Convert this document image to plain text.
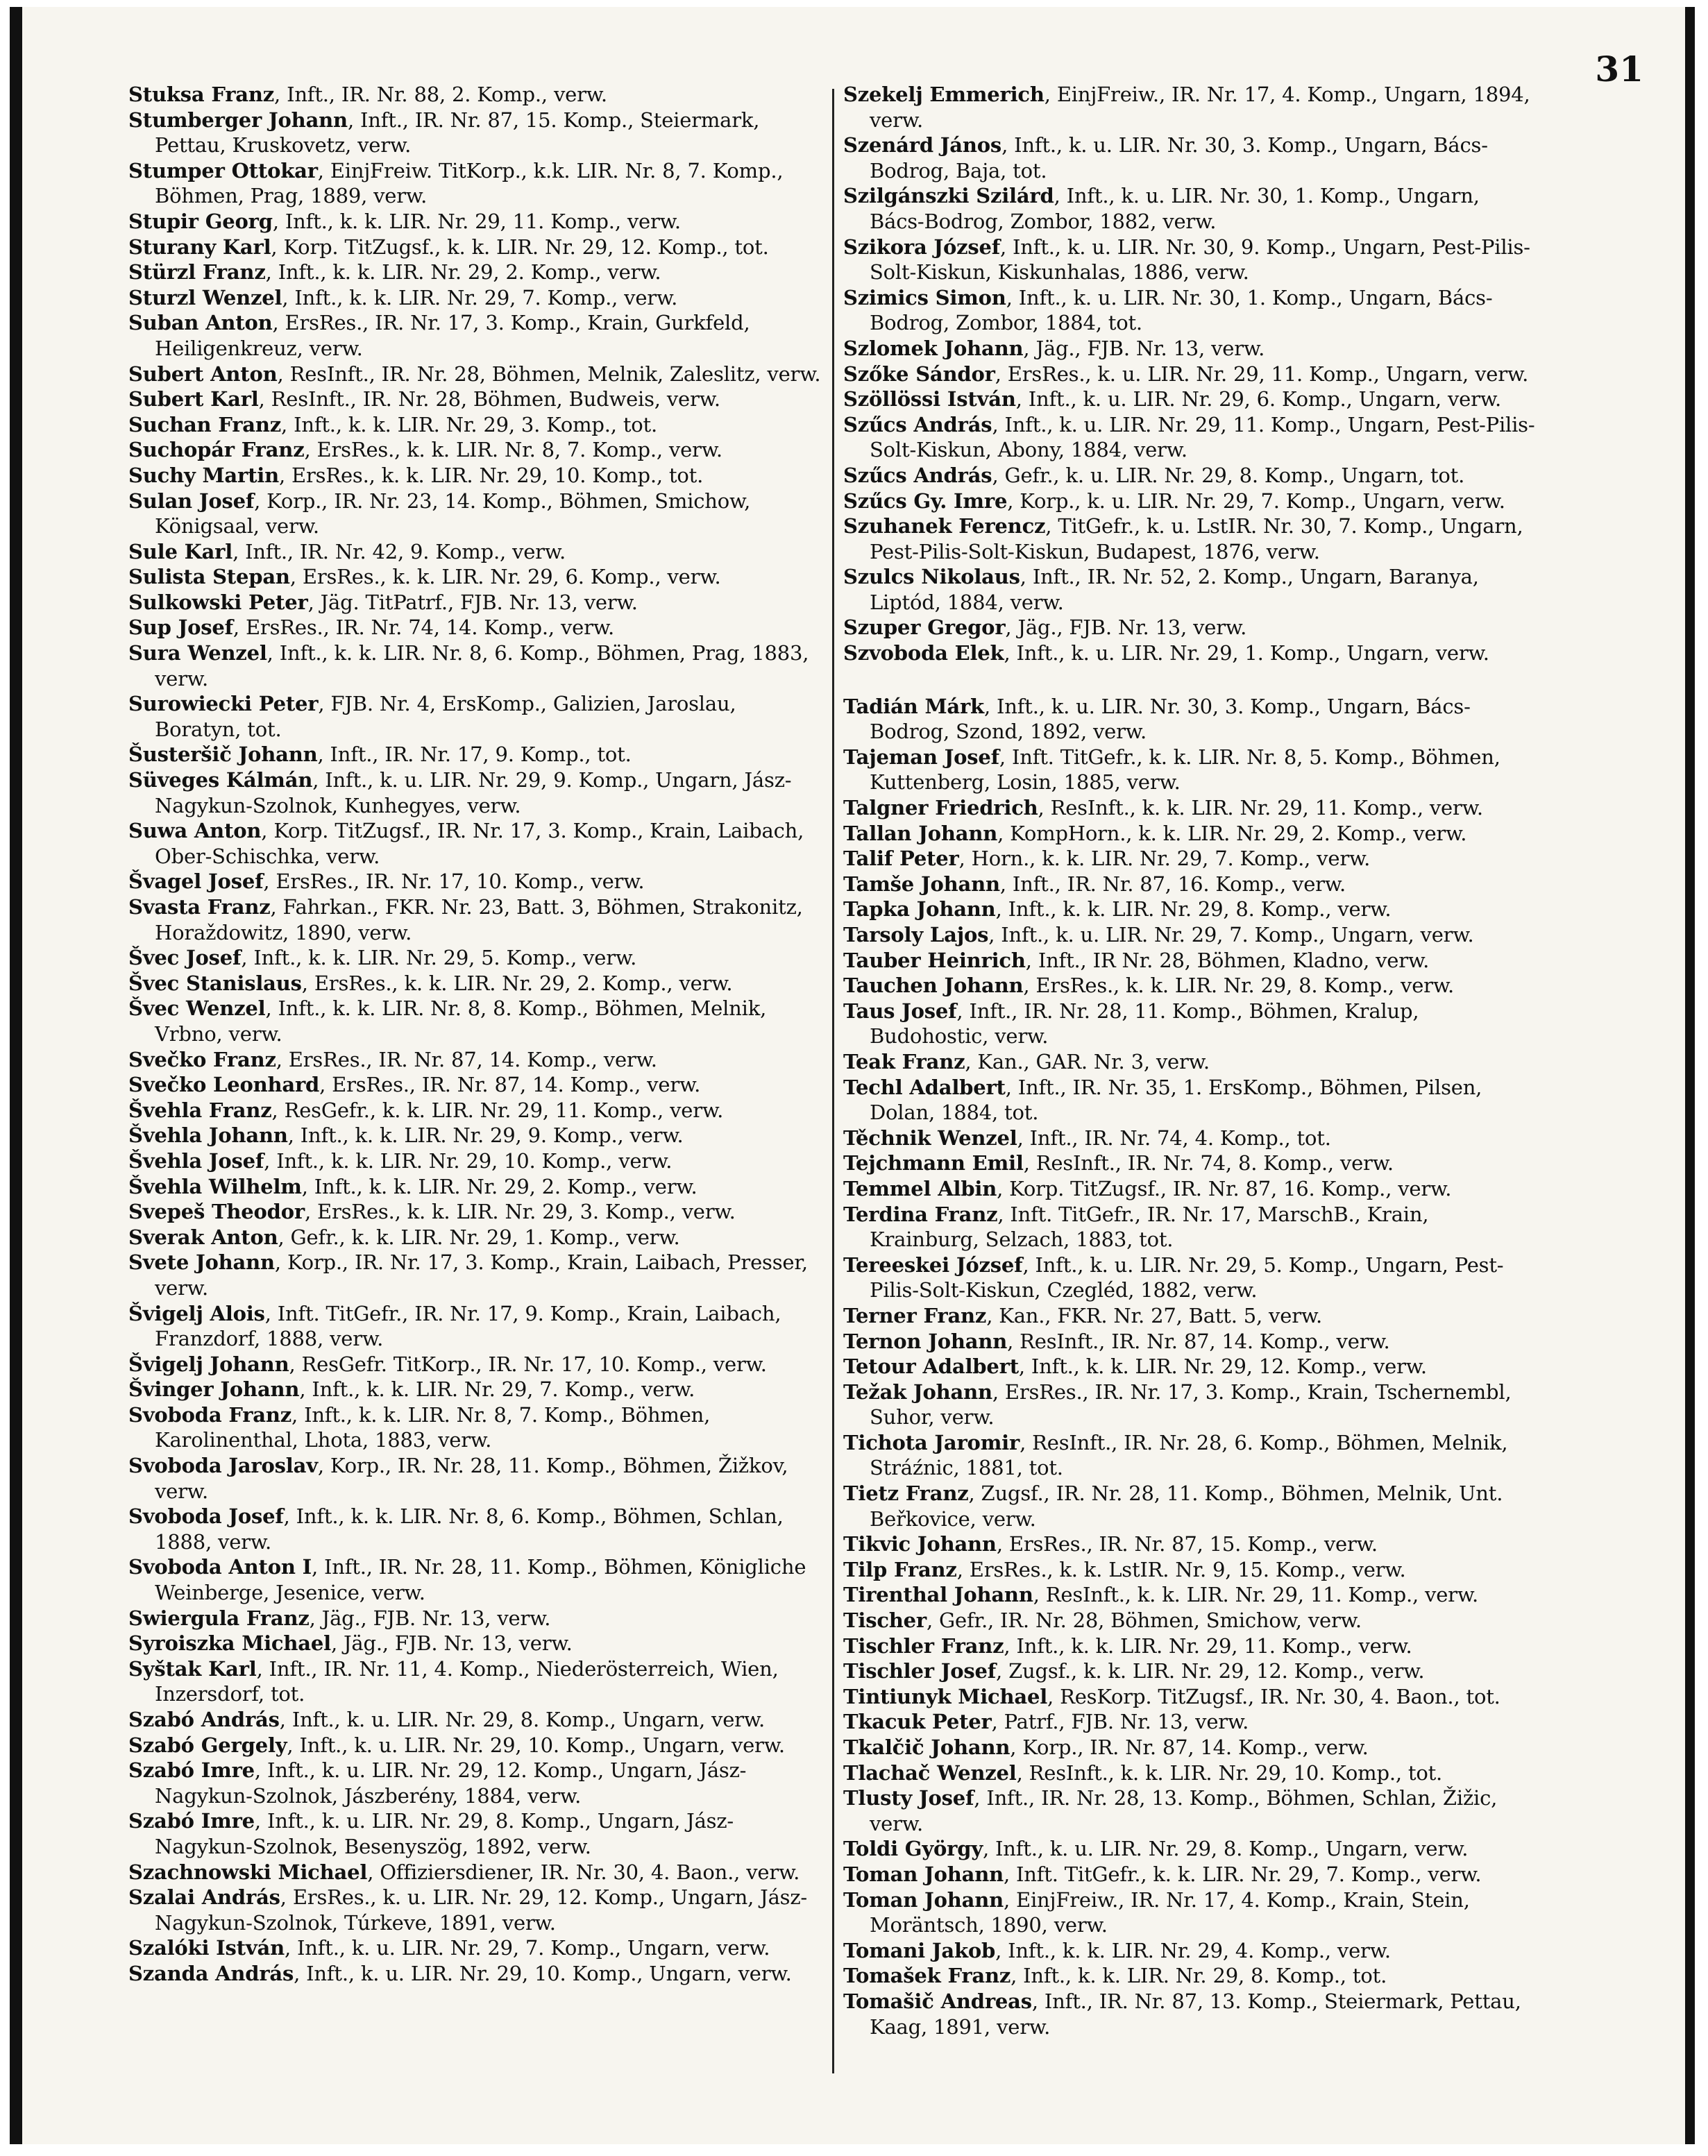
31

Stuksa Franz, Inft., IR. Nr. 88, 2. Komp., verw.

Stumberger Johann, Inft., IR. Nr. 87, 15. Komp., Steiermark, Pettau, Kruskovetz, verw.

Stumper Ottokar, EinjFreiw. TitKorp., k.k. LIR. Nr. 8, 7. Komp., Böhmen, Prag, 1889, verw.

Stupir Georg, Inft., k. k. LIR. Nr. 29, 11. Komp., verw.

Sturany Karl, Korp. TitZugsf., k. k. LIR. Nr. 29, 12. Komp., tot.

Stürzl Franz, Inft., k. k. LIR. Nr. 29, 2. Komp., verw.

Sturzl Wenzel, Inft., k. k. LIR. Nr. 29, 7. Komp., verw.

Suban Anton, ErsRes., IR. Nr. 17, 3. Komp., Krain, Gurkfeld, Heiligenkreuz, verw.

Subert Anton, ResInft., IR. Nr. 28, Böhmen, Melnik, Zaleslitz, verw.

Subert Karl, ResInft., IR. Nr. 28, Böhmen, Budweis, verw.

Suchan Franz, Inft., k. k. LIR. Nr. 29, 3. Komp., tot.

Suchopár Franz, ErsRes., k. k. LIR. Nr. 8, 7. Komp., verw.

Suchy Martin, ErsRes., k. k. LIR. Nr. 29, 10. Komp., tot.

Sulan Josef, Korp., IR. Nr. 23, 14. Komp., Böhmen, Smichow, Königsaal, verw.

Sule Karl, Inft., IR. Nr. 42, 9. Komp., verw.

Sulista Stepan, ErsRes., k. k. LIR. Nr. 29, 6. Komp., verw.

Sulkowski Peter, Jäg. TitPatrf., FJB. Nr. 13, verw.

Sup Josef, ErsRes., IR. Nr. 74, 14. Komp., verw.

Sura Wenzel, Inft., k. k. LIR. Nr. 8, 6. Komp., Böhmen, Prag, 1883, verw.

Surowiecki Peter, FJB. Nr. 4, ErsKomp., Galizien, Jaroslau, Boratyn, tot.

Šusteršič Johann, Inft., IR. Nr. 17, 9. Komp., tot.

Süveges Kálmán, Inft., k. u. LIR. Nr. 29, 9. Komp., Ungarn, Jász-Nagykun-Szolnok, Kunhegyes, verw.

Suwa Anton, Korp. TitZugsf., IR. Nr. 17, 3. Komp., Krain, Laibach, Ober-Schischka, verw.

Švagel Josef, ErsRes., IR. Nr. 17, 10. Komp., verw.

Svasta Franz, Fahrkan., FKR. Nr. 23, Batt. 3, Böhmen, Strakonitz, Horaždowitz, 1890, verw.

Švec Josef, Inft., k. k. LIR. Nr. 29, 5. Komp., verw.

Švec Stanislaus, ErsRes., k. k. LIR. Nr. 29, 2. Komp., verw.

Švec Wenzel, Inft., k. k. LIR. Nr. 8, 8. Komp., Böhmen, Melnik, Vrbno, verw.

Svečko Franz, ErsRes., IR. Nr. 87, 14. Komp., verw.

Svečko Leonhard, ErsRes., IR. Nr. 87, 14. Komp., verw.

Švehla Franz, ResGefr., k. k. LIR. Nr. 29, 11. Komp., verw.

Švehla Johann, Inft., k. k. LIR. Nr. 29, 9. Komp., verw.

Švehla Josef, Inft., k. k. LIR. Nr. 29, 10. Komp., verw.

Švehla Wilhelm, Inft., k. k. LIR. Nr. 29, 2. Komp., verw.

Svepeš Theodor, ErsRes., k. k. LIR. Nr. 29, 3. Komp., verw.

Sverak Anton, Gefr., k. k. LIR. Nr. 29, 1. Komp., verw.

Svete Johann, Korp., IR. Nr. 17, 3. Komp., Krain, Laibach, Presser, verw.

Švigelj Alois, Inft. TitGefr., IR. Nr. 17, 9. Komp., Krain, Laibach, Franzdorf, 1888, verw.

Švigelj Johann, ResGefr. TitKorp., IR. Nr. 17, 10. Komp., verw.

Švinger Johann, Inft., k. k. LIR. Nr. 29, 7. Komp., verw.

Svoboda Franz, Inft., k. k. LIR. Nr. 8, 7. Komp., Böhmen, Karolinenthal, Lhota, 1883, verw.

Svoboda Jaroslav, Korp., IR. Nr. 28, 11. Komp., Böhmen, Žižkov, verw.

Svoboda Josef, Inft., k. k. LIR. Nr. 8, 6. Komp., Böhmen, Schlan, 1888, verw.

Svoboda Anton I, Inft., IR. Nr. 28, 11. Komp., Böhmen, Königliche Weinberge, Jesenice, verw.

Swiergula Franz, Jäg., FJB. Nr. 13, verw.

Syroiszka Michael, Jäg., FJB. Nr. 13, verw.

Syštak Karl, Inft., IR. Nr. 11, 4. Komp., Niederösterreich, Wien, Inzersdorf, tot.

Szabó András, Inft., k. u. LIR. Nr. 29, 8. Komp., Ungarn, verw.

Szabó Gergely, Inft., k. u. LIR. Nr. 29, 10. Komp., Ungarn, verw.

Szabó Imre, Inft., k. u. LIR. Nr. 29, 12. Komp., Ungarn, Jász-Nagykun-Szolnok, Jászberény, 1884, verw.

Szabó Imre, Inft., k. u. LIR. Nr. 29, 8. Komp., Ungarn, Jász-Nagykun-Szolnok, Besenyszög, 1892, verw.

Szachnowski Michael, Offiziersdiener, IR. Nr. 30, 4. Baon., verw.

Szalai András, ErsRes., k. u. LIR. Nr. 29, 12. Komp., Ungarn, Jász-Nagykun-Szolnok, Túrkeve, 1891, verw.

Szalóki István, Inft., k. u. LIR. Nr. 29, 7. Komp., Ungarn, verw.

Szanda András, Inft., k. u. LIR. Nr. 29, 10. Komp., Ungarn, verw.

Szekelj Emmerich, EinjFreiw., IR. Nr. 17, 4. Komp., Ungarn, 1894, verw.

Szenárd János, Inft., k. u. LIR. Nr. 30, 3. Komp., Ungarn, Bács-Bodrog, Baja, tot.

Szilgánszki Szilárd, Inft., k. u. LIR. Nr. 30, 1. Komp., Ungarn, Bács-Bodrog, Zombor, 1882, verw.

Szikora József, Inft., k. u. LIR. Nr. 30, 9. Komp., Ungarn, Pest-Pilis-Solt-Kiskun, Kiskunhalas, 1886, verw.

Szimics Simon, Inft., k. u. LIR. Nr. 30, 1. Komp., Ungarn, Bács-Bodrog, Zombor, 1884, tot.

Szlomek Johann, Jäg., FJB. Nr. 13, verw.

Szőke Sándor, ErsRes., k. u. LIR. Nr. 29, 11. Komp., Ungarn, verw.

Szöllössi István, Inft., k. u. LIR. Nr. 29, 6. Komp., Ungarn, verw.

Szűcs András, Inft., k. u. LIR. Nr. 29, 11. Komp., Ungarn, Pest-Pilis-Solt-Kiskun, Abony, 1884, verw.

Szűcs András, Gefr., k. u. LIR. Nr. 29, 8. Komp., Ungarn, tot.

Szűcs Gy. Imre, Korp., k. u. LIR. Nr. 29, 7. Komp., Ungarn, verw.

Szuhanek Ferencz, TitGefr., k. u. LstIR. Nr. 30, 7. Komp., Ungarn, Pest-Pilis-Solt-Kiskun, Budapest, 1876, verw.

Szulcs Nikolaus, Inft., IR. Nr. 52, 2. Komp., Ungarn, Baranya, Liptód, 1884, verw.

Szuper Gregor, Jäg., FJB. Nr. 13, verw.

Szvoboda Elek, Inft., k. u. LIR. Nr. 29, 1. Komp., Ungarn, verw.

Tadián Márk, Inft., k. u. LIR. Nr. 30, 3. Komp., Ungarn, Bács-Bodrog, Szond, 1892, verw.

Tajeman Josef, Inft. TitGefr., k. k. LIR. Nr. 8, 5. Komp., Böhmen, Kuttenberg, Losin, 1885, verw.

Talgner Friedrich, ResInft., k. k. LIR. Nr. 29, 11. Komp., verw.

Tallan Johann, KompHorn., k. k. LIR. Nr. 29, 2. Komp., verw.

Talif Peter, Horn., k. k. LIR. Nr. 29, 7. Komp., verw.

Tamše Johann, Inft., IR. Nr. 87, 16. Komp., verw.

Tapka Johann, Inft., k. k. LIR. Nr. 29, 8. Komp., verw.

Tarsoly Lajos, Inft., k. u. LIR. Nr. 29, 7. Komp., Ungarn, verw.

Tauber Heinrich, Inft., IR Nr. 28, Böhmen, Kladno, verw.

Tauchen Johann, ErsRes., k. k. LIR. Nr. 29, 8. Komp., verw.

Taus Josef, Inft., IR. Nr. 28, 11. Komp., Böhmen, Kralup, Budohostic, verw.

Teak Franz, Kan., GAR. Nr. 3, verw.

Techl Adalbert, Inft., IR. Nr. 35, 1. ErsKomp., Böhmen, Pilsen, Dolan, 1884, tot.

Těchnik Wenzel, Inft., IR. Nr. 74, 4. Komp., tot.

Tejchmann Emil, ResInft., IR. Nr. 74, 8. Komp., verw.

Temmel Albin, Korp. TitZugsf., IR. Nr. 87, 16. Komp., verw.

Terdina Franz, Inft. TitGefr., IR. Nr. 17, MarschB., Krain, Krainburg, Selzach, 1883, tot.

Tereeskei József, Inft., k. u. LIR. Nr. 29, 5. Komp., Ungarn, Pest-Pilis-Solt-Kiskun, Czegléd, 1882, verw.

Terner Franz, Kan., FKR. Nr. 27, Batt. 5, verw.

Ternon Johann, ResInft., IR. Nr. 87, 14. Komp., verw.

Tetour Adalbert, Inft., k. k. LIR. Nr. 29, 12. Komp., verw.

Težak Johann, ErsRes., IR. Nr. 17, 3. Komp., Krain, Tschernembl, Suhor, verw.

Tichota Jaromir, ResInft., IR. Nr. 28, 6. Komp., Böhmen, Melnik, Stráźnic, 1881, tot.

Tietz Franz, Zugsf., IR. Nr. 28, 11. Komp., Böhmen, Melnik, Unt. Beřkovice, verw.

Tikvic Johann, ErsRes., IR. Nr. 87, 15. Komp., verw.

Tilp Franz, ErsRes., k. k. LstIR. Nr. 9, 15. Komp., verw.

Tirenthal Johann, ResInft., k. k. LIR. Nr. 29, 11. Komp., verw.

Tischer, Gefr., IR. Nr. 28, Böhmen, Smichow, verw.

Tischler Franz, Inft., k. k. LIR. Nr. 29, 11. Komp., verw.

Tischler Josef, Zugsf., k. k. LIR. Nr. 29, 12. Komp., verw.

Tintiunyk Michael, ResKorp. TitZugsf., IR. Nr. 30, 4. Baon., tot.

Tkacuk Peter, Patrf., FJB. Nr. 13, verw.

Tkalčič Johann, Korp., IR. Nr. 87, 14. Komp., verw.

Tlachač Wenzel, ResInft., k. k. LIR. Nr. 29, 10. Komp., tot.

Tlusty Josef, Inft., IR. Nr. 28, 13. Komp., Böhmen, Schlan, Žižic, verw.

Toldi György, Inft., k. u. LIR. Nr. 29, 8. Komp., Ungarn, verw.

Toman Johann, Inft. TitGefr., k. k. LIR. Nr. 29, 7. Komp., verw.

Toman Johann, EinjFreiw., IR. Nr. 17, 4. Komp., Krain, Stein, Moräntsch, 1890, verw.

Tomani Jakob, Inft., k. k. LIR. Nr. 29, 4. Komp., verw.

Tomašek Franz, Inft., k. k. LIR. Nr. 29, 8. Komp., tot.

Tomašič Andreas, Inft., IR. Nr. 87, 13. Komp., Steiermark, Pettau, Kaag, 1891, verw.
